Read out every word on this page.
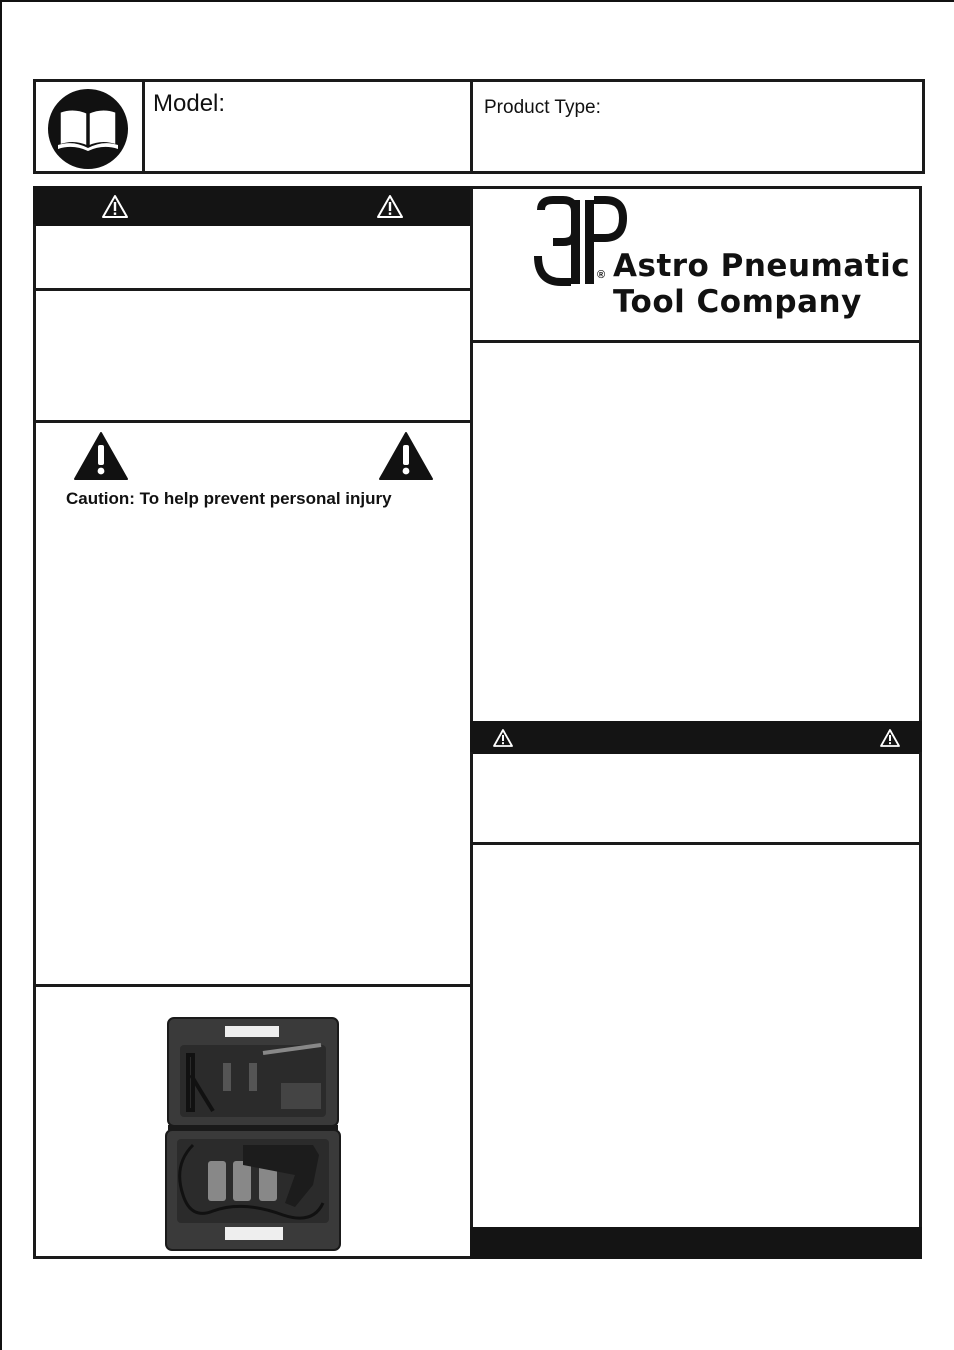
Model:	Product Type:
Caution: To help prevent personal injury
® Astro Pneumatic
Tool Company
